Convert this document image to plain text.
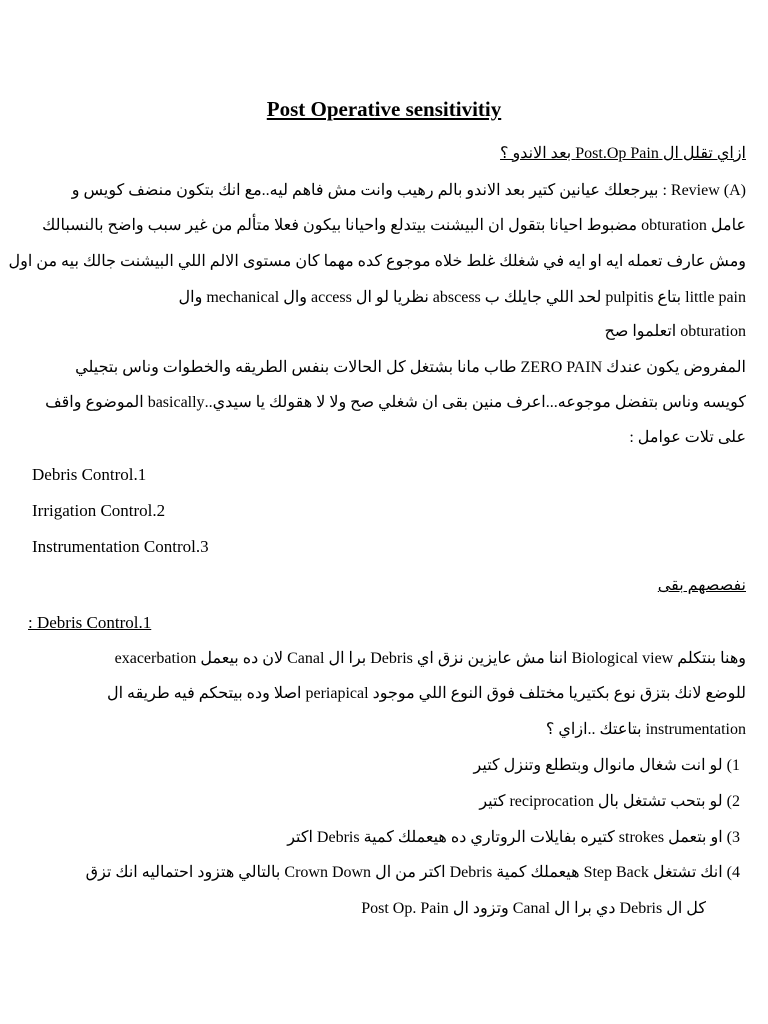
Post Operative sensitivitiy
ازاي تقلل ال Post.Op Pain بعد الاندو ؟
Review (A) : بيرجعلك عيانين كتير بعد الاندو بالم رهيب وانت مش فاهم ليه..مع انك بتكون منضف كويس و
عامل obturation مضبوط احيانا بتقول ان البيشنت بيتدلع واحيانا بيكون فعلا متألم من غير سبب واضح بالنسبالك
ومش عارف تعمله ايه او ايه في شغلك غلط خلاه موجوع كده مهما كان مستوى الالم اللي البيشنت جالك بيه من اول
little pain بتاع pulpitis لحد اللي جايلك ب abscess نظريا لو ال access وال mechanical وال
obturation اتعلموا صح
المفروض يكون عندك ZERO PAIN طاب مانا بشتغل كل الحالات بنفس الطريقه والخطوات وناس بتجيلي
كويسه وناس بتفضل موجوعه...اعرف منين بقى ان شغلي صح ولا لا هقولك يا سيدي..basically الموضوع واقف
على تلات عوامل :
Debris Control.1
Irrigation Control.2
Instrumentation Control.3
نفصصهم بقى
: Debris Control.1
وهنا بنتكلم Biological view اننا مش عايزين نزق اي Debris برا ال Canal لان ده بيعمل exacerbation
للوضع لانك بتزق نوع بكتيريا مختلف فوق النوع اللي موجود periapical اصلا وده بيتحكم فيه طريقه ال
instrumentation بتاعتك ..ازاي ؟
1) لو انت شغال مانوال وبتطلع وتنزل كتير
2) لو بتحب تشتغل بال reciprocation كتير
3) او بتعمل strokes كتيره بفايلات الروتاري ده هيعملك كمية Debris اكتر
4) انك تشتغل Step Back هيعملك كمية Debris اكتر من ال Crown Down بالتالي هتزود احتماليه انك تزق
كل ال Debris دي برا ال Canal وتزود ال Post Op. Pain
